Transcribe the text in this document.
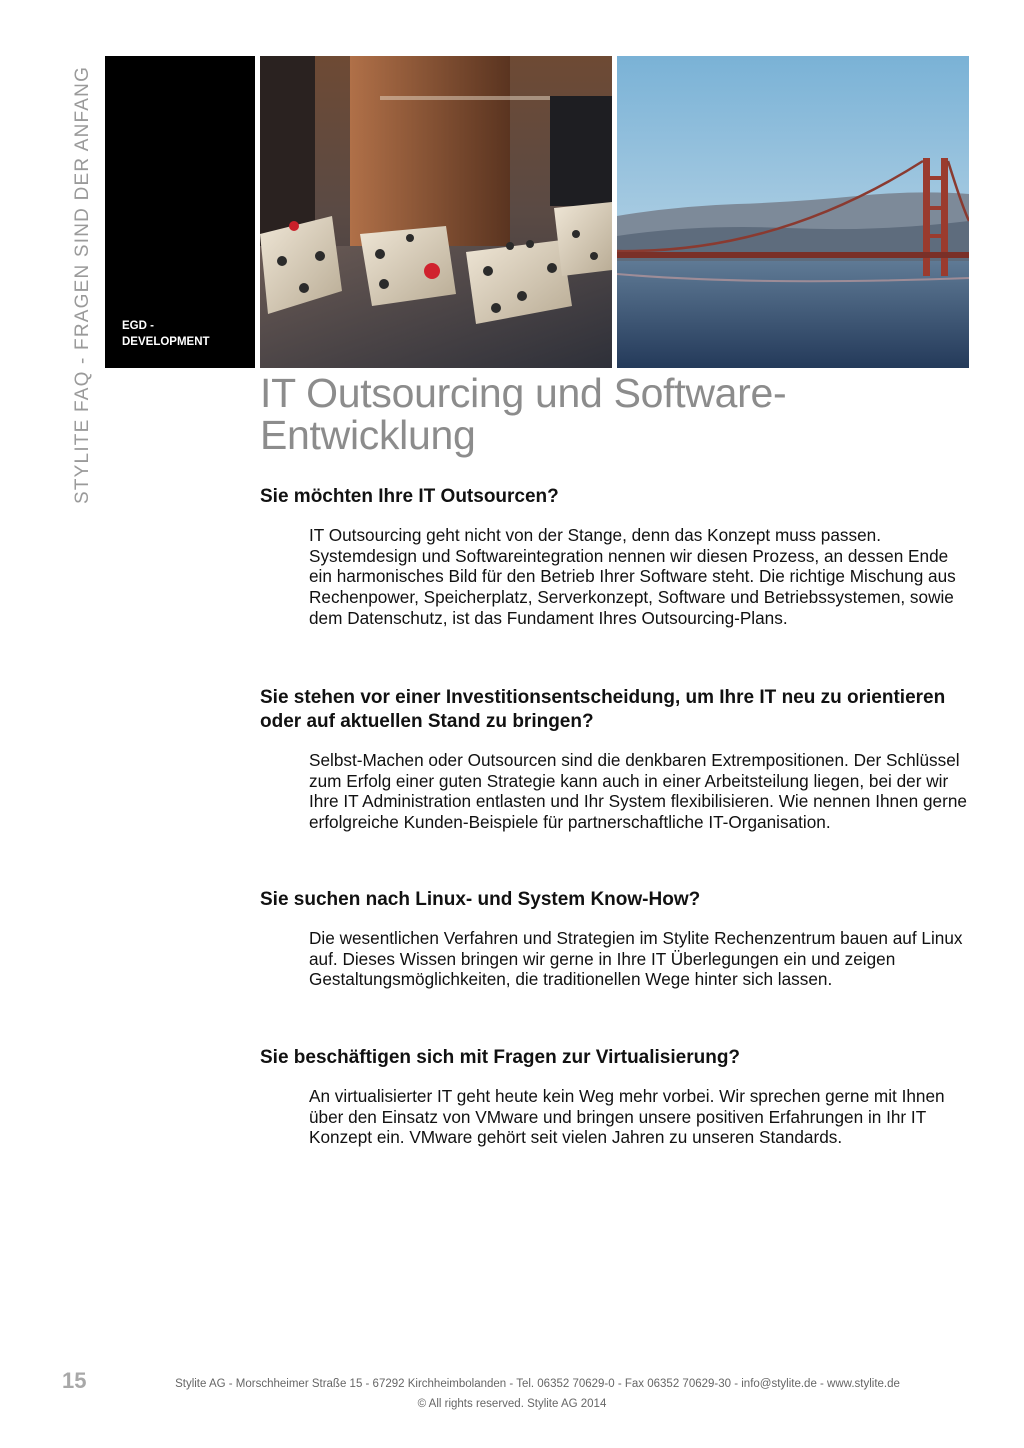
STYLITE FAQ - FRAGEN SIND DER ANFANG	EGD -
DEVELOPMENT
IT Outsourcing und Software-
Entwicklung
Sie möchten Ihre IT Outsourcen?

IT Outsourcing geht nicht von der Stange, denn das Konzept muss passen. Systemdesign und Softwareintegration nennen wir diesen Prozess, an dessen Ende ein harmonisches Bild für den Betrieb Ihrer Software steht. Die richtige Mischung aus Rechenpower, Speicherplatz, Serverkonzept, Software und Betriebssystemen, sowie dem Datenschutz, ist das Fundament Ihres Outsourcing-Plans.

Sie stehen vor einer Investitionsentscheidung, um Ihre IT neu zu orientieren oder auf aktuellen Stand zu bringen?

Selbst-Machen oder Outsourcen sind die denkbaren Extrempositionen. Der Schlüssel zum Erfolg einer guten Strategie kann auch in einer Arbeitsteilung liegen, bei der wir Ihre IT Administration entlasten und Ihr System flexibilisieren. Wie nennen Ihnen gerne erfolgreiche Kunden-Beispiele für partnerschaftliche IT-Organisation.

Sie suchen nach Linux- und System Know-How?

Die wesentlichen Verfahren und Strategien im Stylite Rechenzentrum bauen auf Linux auf. Dieses Wissen bringen wir gerne in Ihre IT Überlegungen ein und zeigen Gestaltungsmöglichkeiten, die traditionellen Wege hinter sich lassen.

Sie beschäftigen sich mit Fragen zur Virtualisierung?

An virtualisierter IT geht heute kein Weg mehr vorbei. Wir sprechen gerne mit Ihnen über den Einsatz von VMware und bringen unsere positiven Erfahrungen in Ihr IT Konzept ein. VMware gehört seit vielen Jahren zu unseren Standards.

15	Stylite AG - Morschheimer Straße 15 - 67292 Kirchheimbolanden - Tel. 06352 70629-0 - Fax 06352 70629-30 - info@stylite.de - www.stylite.de
© All rights reserved. Stylite AG 2014
